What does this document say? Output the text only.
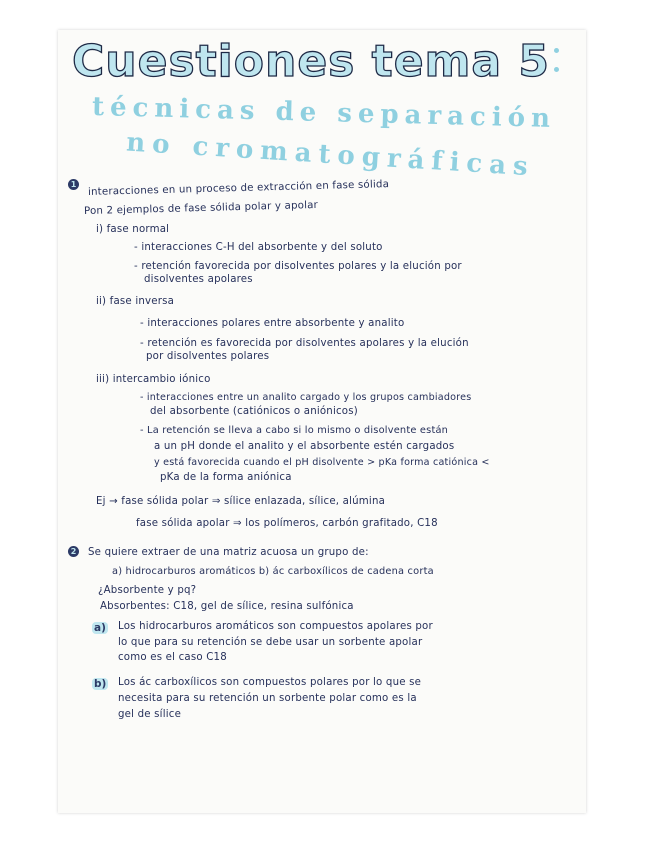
Cuestiones tema 5
técnicas de separación
no cromatográficas
1 interacciones en un proceso de extracción en fase sólida
Pon 2 ejemplos de fase sólida polar y apolar
i) fase normal
- interacciones C-H del absorbente y del soluto
- retención favorecida por disolventes polares y la elución por
disolventes apolares
ii) fase inversa
- interacciones polares entre absorbente y analito
- retención es favorecida por disolventes apolares y la elución
por disolventes polares
iii) intercambio iónico
- interacciones entre un analito cargado y los grupos cambiadores
del absorbente (catiónicos o aniónicos)
- La retención se lleva a cabo si lo mismo o disolvente están
a un pH donde el analito y el absorbente estén cargados
y está favorecida cuando el pH disolvente > pKa forma catiónica <
pKa de la forma aniónica
Ej → fase sólida polar ⇒ sílice enlazada, sílice, alúmina
fase sólida apolar ⇒ los polímeros, carbón grafitado, C18
2 Se quiere extraer de una matriz acuosa un grupo de:
a) hidrocarburos aromáticos b) ác carboxílicos de cadena corta
¿Absorbente y pq?
Absorbentes: C18, gel de sílice, resina sulfónica
a) Los hidrocarburos aromáticos son compuestos apolares por
lo que para su retención se debe usar un sorbente apolar
como es el caso C18
b) Los ác carboxílicos son compuestos polares por lo que se
necesita para su retención un sorbente polar como es la
gel de sílice
